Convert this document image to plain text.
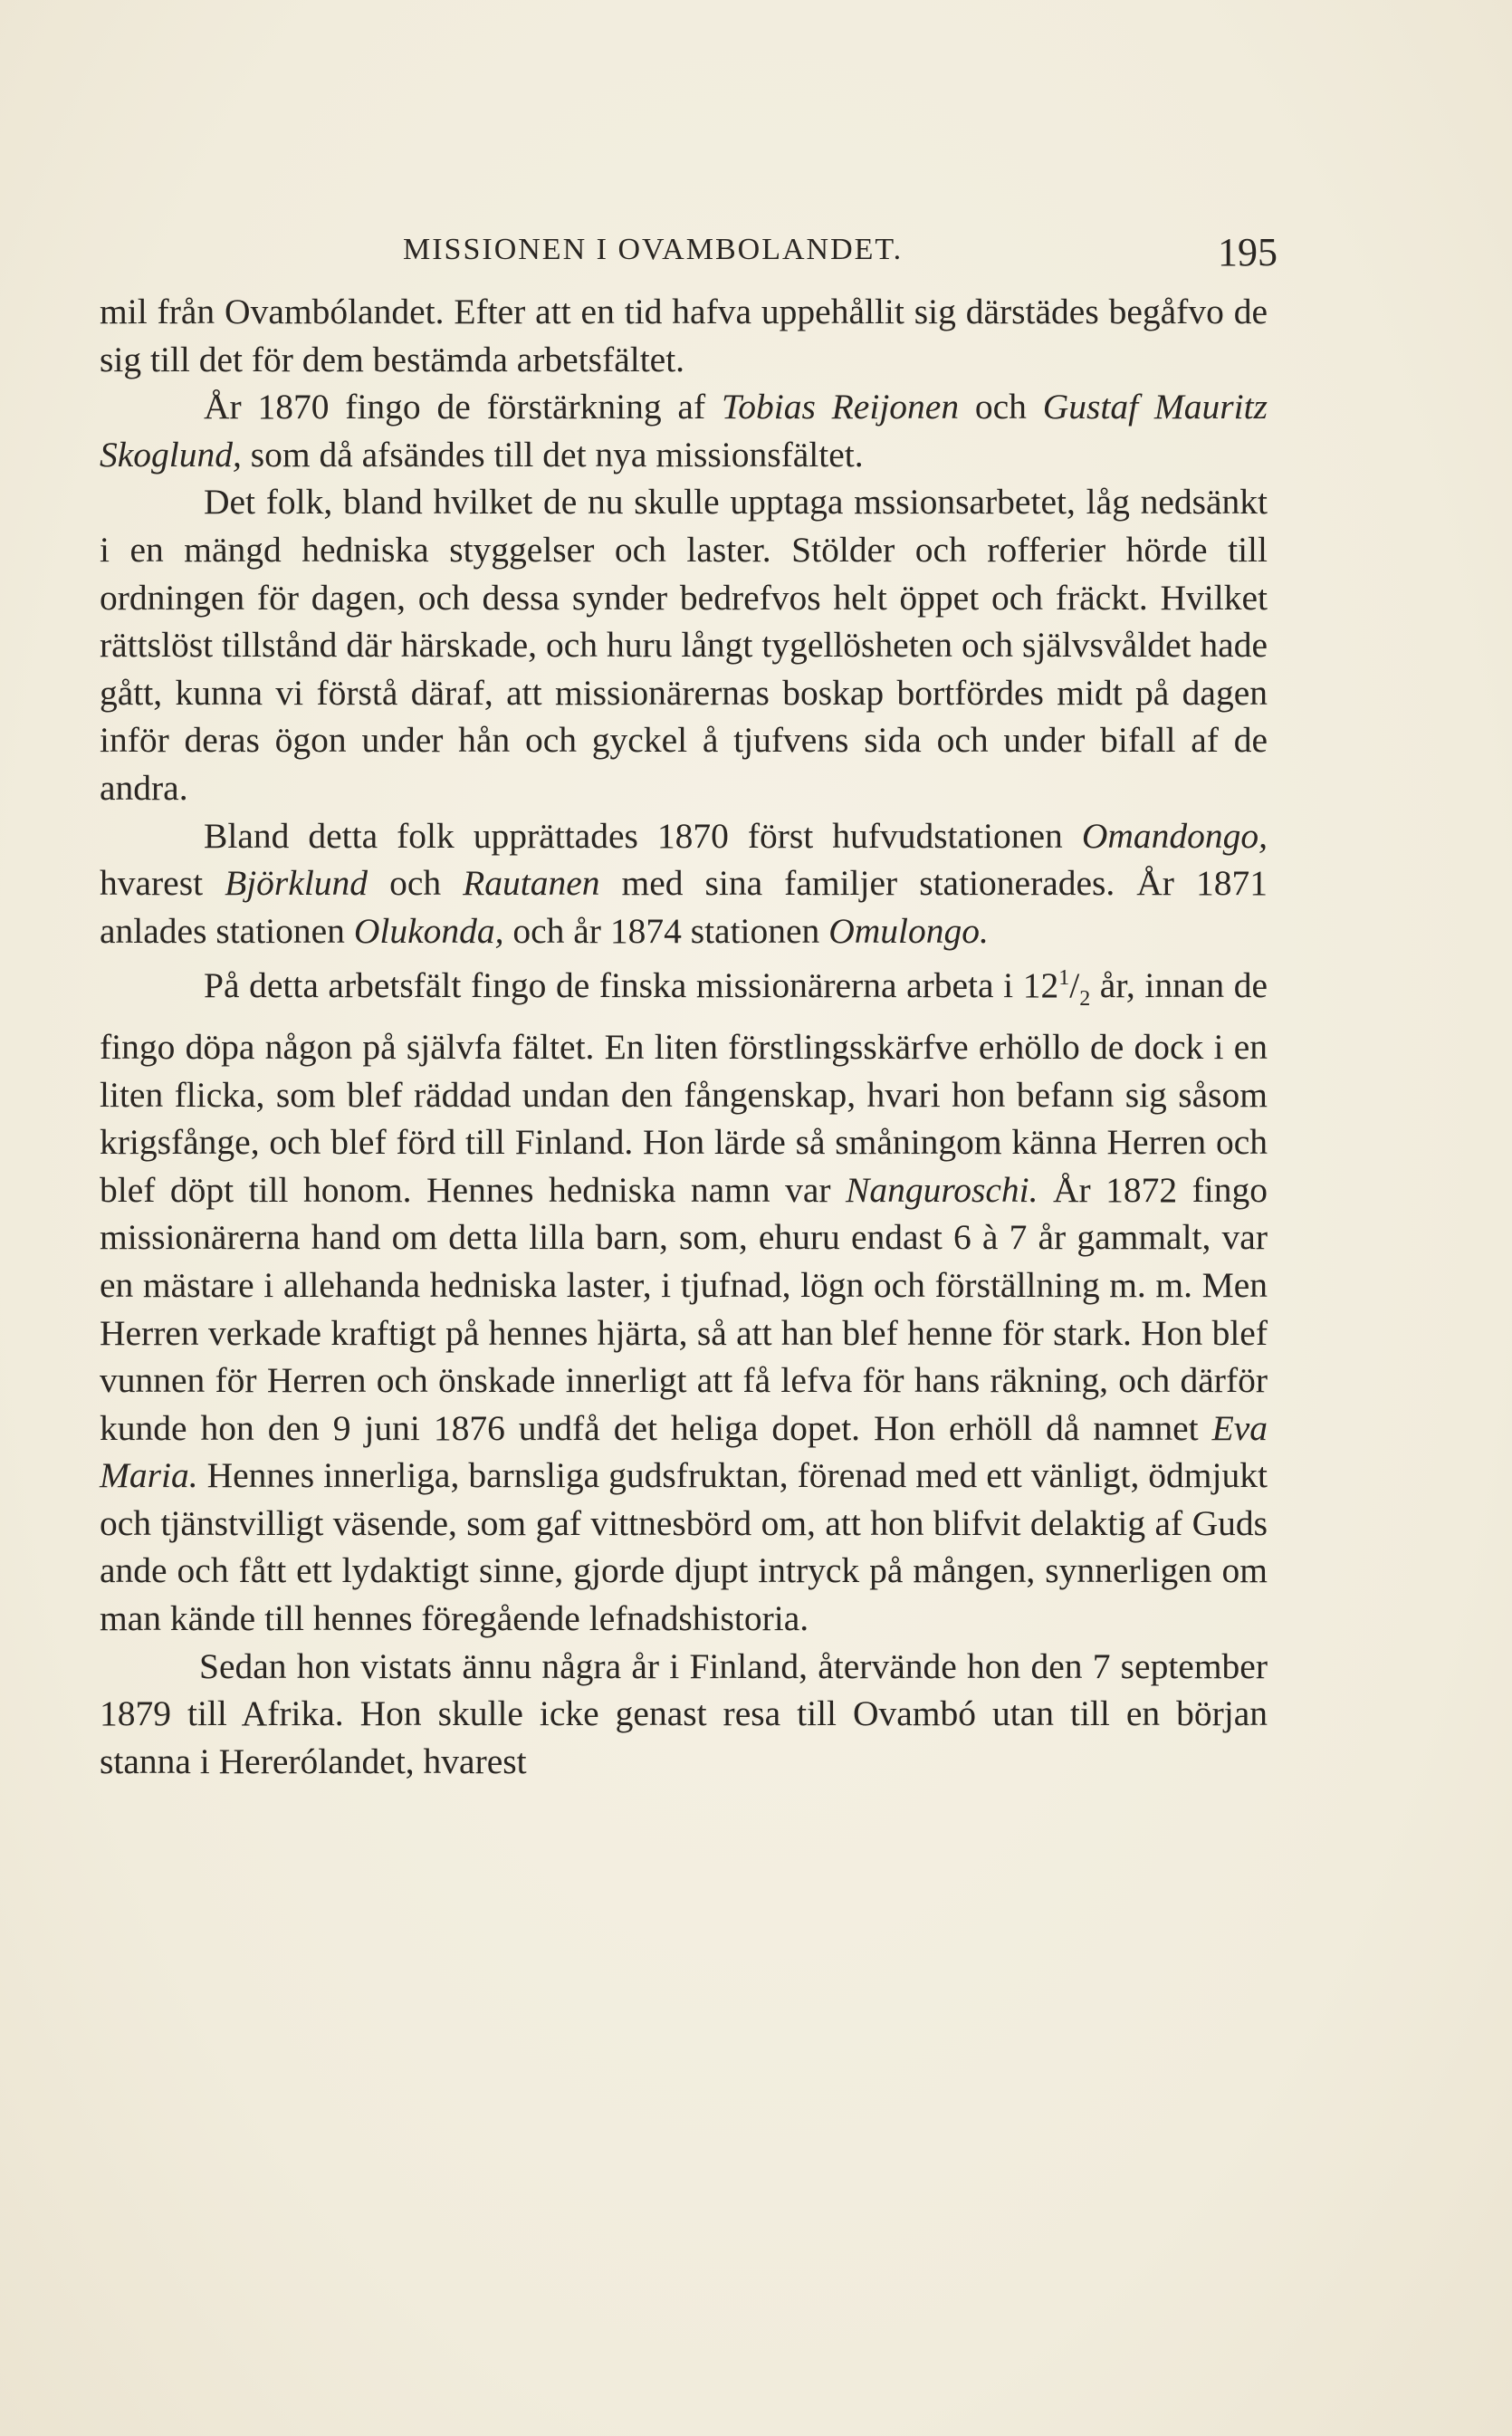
MISSIONEN I OVAMBOLANDET.	195

mil från Ovambólandet. Efter att en tid hafva uppehållit sig därstädes begåfvo de sig till det för dem bestämda arbetsfältet.

År 1870 fingo de förstärkning af Tobias Reijonen och Gustaf Mauritz Skoglund, som då afsändes till det nya missionsfältet.

Det folk, bland hvilket de nu skulle upptaga mssionsarbetet, låg nedsänkt i en mängd hedniska styggelser och laster. Stölder och rofferier hörde till ordningen för dagen, och dessa synder bedrefvos helt öppet och fräckt. Hvilket rättslöst tillstånd där härskade, och huru långt tygellösheten och självsvåldet hade gått, kunna vi förstå däraf, att missionärernas boskap bortfördes midt på dagen inför deras ögon under hån och gyckel å tjufvens sida och under bifall af de andra.

Bland detta folk upprättades 1870 först hufvudstationen Omandongo, hvarest Björklund och Rautanen med sina familjer stationerades. År 1871 anlades stationen Olukonda, och år 1874 stationen Omulongo.

På detta arbetsfält fingo de finska missionärerna arbeta i $12^1/_2$ år, innan de fingo döpa någon på självfa fältet. En liten förstlingsskärfve erhöllo de dock i en liten flicka, som blef räddad undan den fångenskap, hvari hon befann sig såsom krigsfånge, och blef förd till Finland. Hon lärde så småningom känna Herren och blef döpt till honom. Hennes hedniska namn var Nanguroschi. År 1872 fingo missionärerna hand om detta lilla barn, som, ehuru endast 6 à 7 år gammalt, var en mästare i allehanda hedniska laster, i tjufnad, lögn och förställning m. m. Men Herren verkade kraftigt på hennes hjärta, så att han blef henne för stark. Hon blef vunnen för Herren och önskade innerligt att få lefva för hans räkning, och därför kunde hon den 9 juni 1876 undfå det heliga dopet. Hon erhöll då namnet Eva Maria. Hennes innerliga, barnsliga gudsfruktan, förenad med ett vänligt, ödmjukt och tjänstvilligt väsende, som gaf vittnesbörd om, att hon blifvit delaktig af Guds ande och fått ett lydaktigt sinne, gjorde djupt intryck på mången, synnerligen om man kände till hennes föregående lefnadshistoria.

Sedan hon vistats ännu några år i Finland, återvände hon den 7 september 1879 till Afrika. Hon skulle icke genast resa till Ovambó utan till en början stanna i Hererólandet, hvarest
